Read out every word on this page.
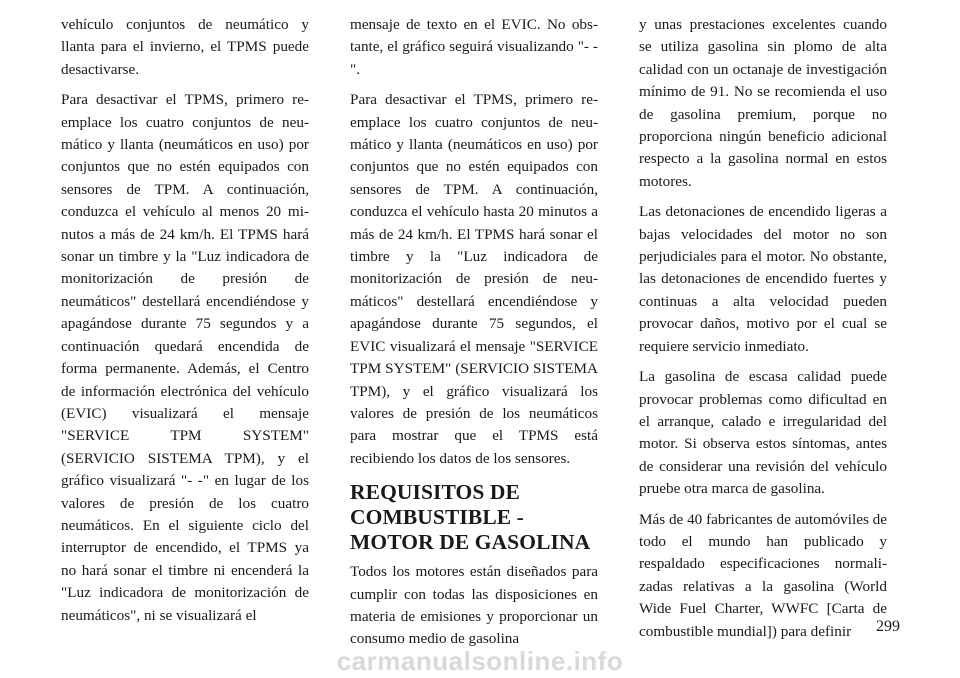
vehículo conjuntos de neumático y llanta para el invierno, el TPMS puede desactivarse.

Para desactivar el TPMS, primero reemplace los cuatro conjuntos de neumático y llanta (neumáticos en uso) por conjuntos que no estén equipados con sensores de TPM. A continuación, conduzca el vehículo al menos 20 minutos a más de 24 km/h. El TPMS hará sonar un timbre y la "Luz indicadora de monitorización de presión de neumáticos" destellará encendiéndose y apagándose durante 75 segundos y a continuación quedará encendida de forma permanente. Además, el Centro de información electrónica del vehículo (EVIC) visualizará el mensaje "SERVICE TPM SYSTEM" (SERVICIO SISTEMA TPM), y el gráfico visualizará "- -" en lugar de los valores de presión de los cuatro neumáticos. En el siguiente ciclo del interruptor de encendido, el TPMS ya no hará sonar el timbre ni encenderá la "Luz indicadora de monitorización de neumáticos", ni se visualizará el

mensaje de texto en el EVIC. No obstante, el gráfico seguirá visualizando "- -".

Para desactivar el TPMS, primero reemplace los cuatro conjuntos de neumático y llanta (neumáticos en uso) por conjuntos que no estén equipados con sensores de TPM. A continuación, conduzca el vehículo hasta 20 minutos a más de 24 km/h. El TPMS hará sonar el timbre y la "Luz indicadora de monitorización de presión de neumáticos" destellará encendiéndose y apagándose durante 75 segundos, el EVIC visualizará el mensaje "SERVICE TPM SYSTEM" (SERVICIO SISTEMA TPM), y el gráfico visualizará los valores de presión de los neumáticos para mostrar que el TPMS está recibiendo los datos de los sensores.

REQUISITOS DE COMBUSTIBLE - MOTOR DE GASOLINA

Todos los motores están diseñados para cumplir con todas las disposiciones en materia de emisiones y proporcionar un consumo medio de gasolina

y unas prestaciones excelentes cuando se utiliza gasolina sin plomo de alta calidad con un octanaje de investigación mínimo de 91. No se recomienda el uso de gasolina premium, porque no proporciona ningún beneficio adicional respecto a la gasolina normal en estos motores.

Las detonaciones de encendido ligeras a bajas velocidades del motor no son perjudiciales para el motor. No obstante, las detonaciones de encendido fuertes y continuas a alta velocidad pueden provocar daños, motivo por el cual se requiere servicio inmediato.

La gasolina de escasa calidad puede provocar problemas como dificultad en el arranque, calado e irregularidad del motor. Si observa estos síntomas, antes de considerar una revisión del vehículo pruebe otra marca de gasolina.

Más de 40 fabricantes de automóviles de todo el mundo han publicado y respaldado especificaciones normalizadas relativas a la gasolina (World Wide Fuel Charter, WWFC [Carta de combustible mundial]) para definir	299
carmanualsonline.info
